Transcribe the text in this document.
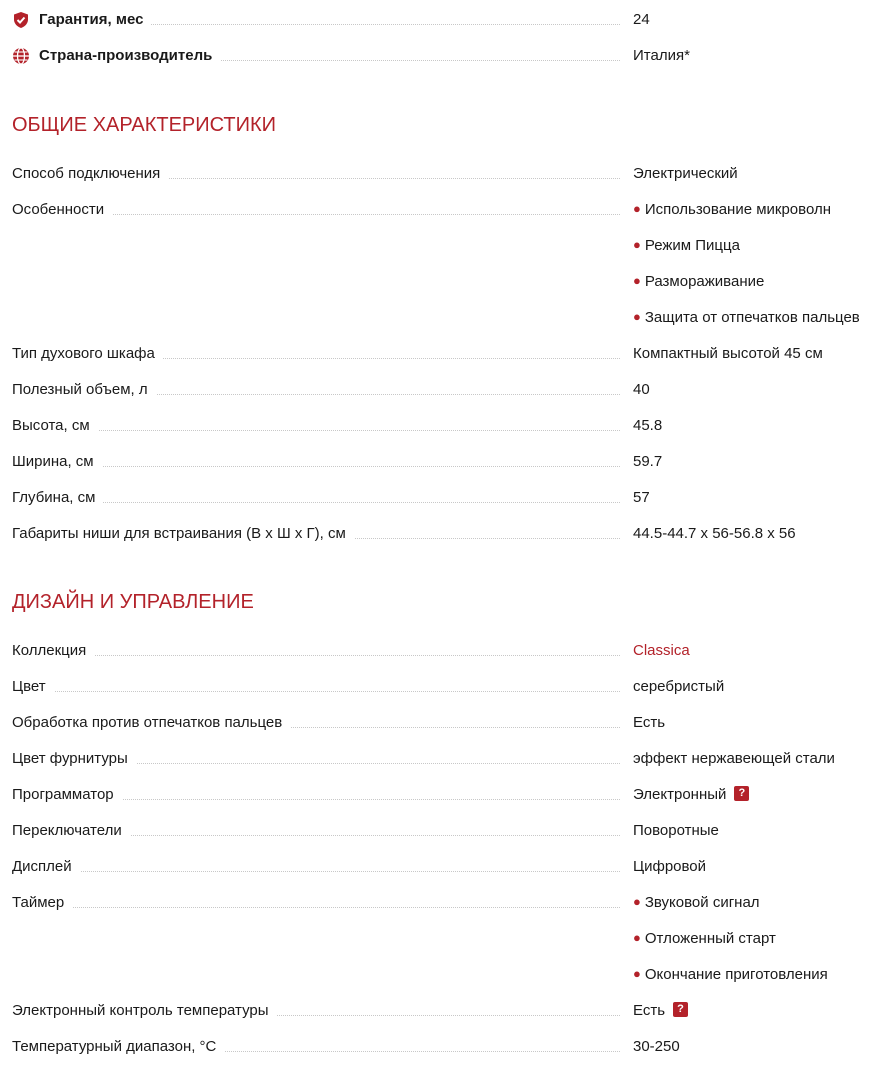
Гарантия, мес	24
Страна-производитель	Италия*
ОБЩИЕ ХАРАКТЕРИСТИКИ
Способ подключения	Электрический
Особенности	● Использование микроволн
● Режим Пицца
● Размораживание
● Защита от отпечатков пальцев
Тип духового шкафа	Компактный высотой 45 см
Полезный объем, л	40
Высота, см	45.8
Ширина, см	59.7
Глубина, см	57
Габариты ниши для встраивания (В х Ш х Г), см	44.5-44.7 х 56-56.8 х 56
ДИЗАЙН И УПРАВЛЕНИЕ
Коллекция	Classica
Цвет	серебристый
Обработка против отпечатков пальцев	Есть
Цвет фурнитуры	эффект нержавеющей стали
Программатор	Электронный ?
Переключатели	Поворотные
Дисплей	Цифровой
Таймер	● Звуковой сигнал
● Отложенный старт
● Окончание приготовления
Электронный контроль температуры	Есть ?
Температурный диапазон, °C	30-250
